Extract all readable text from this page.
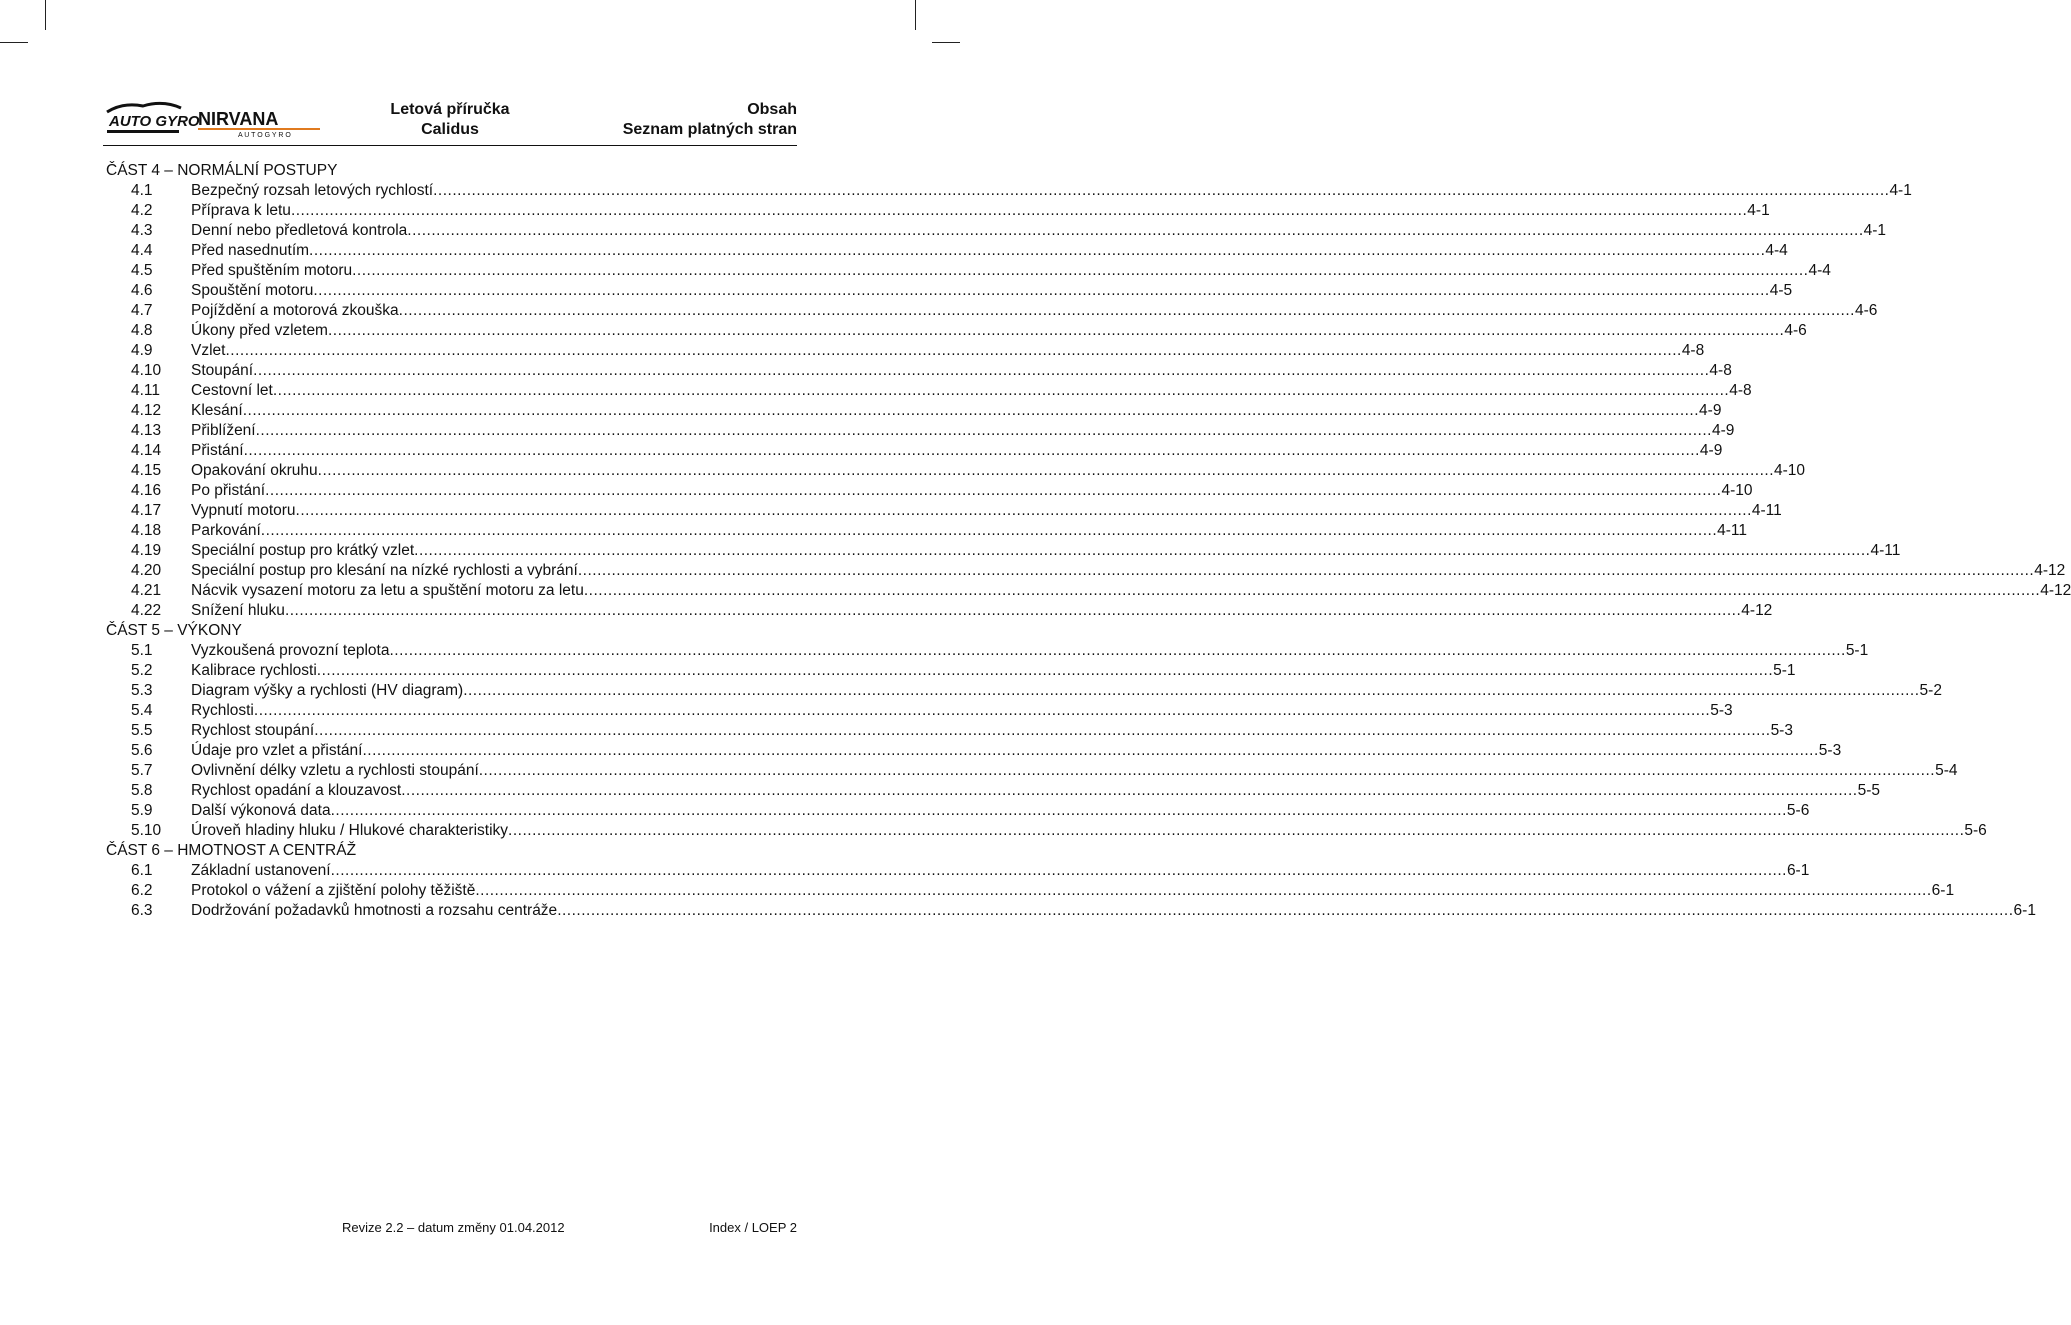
AUTO GYRO
NIRVANA
A U T O G Y R O
Letová příručka
Calidus
Obsah
Seznam platných stran
ČÁST 4 – NORMÁLNÍ POSTUPY
4.1 Bezpečný rozsah letových rychlostí .....	4-1
4.2 Příprava k letu .....	4-1
4.3 Denní nebo předletová kontrola .....	4-1
4.4 Před nasednutím .....	4-4
4.5 Před spuštěním motoru .....	4-4
4.6 Spouštění motoru .....	4-5
4.7 Pojíždění a motorová zkouška .....	4-6
4.8 Úkony před vzletem .....	4-6
4.9 Vzlet .....	4-8
4.10 Stoupání .....	4-8
4.11 Cestovní let .....	4-8
4.12 Klesání .....	4-9
4.13 Přiblížení .....	4-9
4.14 Přistání .....	4-9
4.15 Opakování okruhu .....	4-10
4.16 Po přistání .....	4-10
4.17 Vypnutí motoru .....	4-11
4.18 Parkování .....	4-11
4.19 Speciální postup pro krátký vzlet .....	4-11
4.20 Speciální postup pro klesání na nízké rychlosti a vybrání .....	4-12
4.21 Nácvik vysazení motoru za letu a spuštění motoru za letu .....	4-12
4.22 Snížení hluku .....	4-12
ČÁST 5 – VÝKONY
5.1 Vyzkoušená provozní teplota .....	5-1
5.2 Kalibrace rychlosti .....	5-1
5.3 Diagram výšky a rychlosti (HV diagram) .....	5-2
5.4 Rychlosti .....	5-3
5.5 Rychlost stoupání .....	5-3
5.6 Údaje pro vzlet a přistání .....	5-3
5.7 Ovlivnění délky vzletu a rychlosti stoupání .....	5-4
5.8 Rychlost opadání a klouzavost .....	5-5
5.9 Další výkonová data .....	5-6
5.10 Úroveň hladiny hluku / Hlukové charakteristiky .....	5-6
ČÁST 6 – HMOTNOST A CENTRÁŽ
6.1 Základní ustanovení .....	6-1
6.2 Protokol o vážení a zjištění polohy těžiště .....	6-1
6.3 Dodržování požadavků hmotnosti a rozsahu centráže .....	6-1
Revize 2.2 – datum změny 01.04.2012	Index / LOEP 2
